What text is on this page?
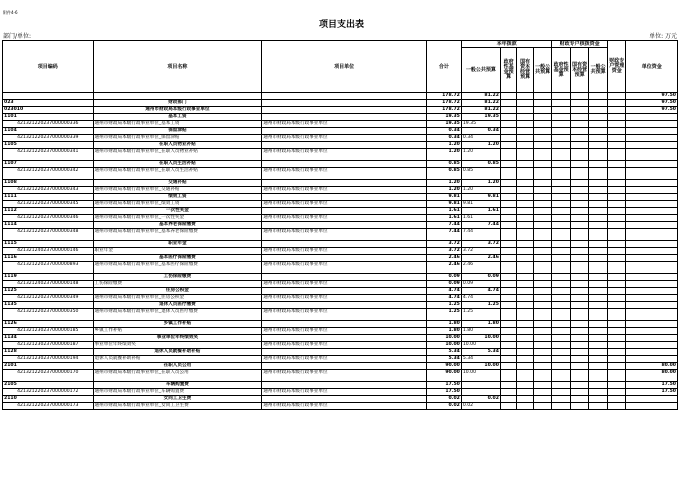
附件4-6
项目支出表
部门/单位:	单位: 万元
项目编码	项目名称	项目单位	合计	本年拨款				财政专户核拨资金			财政专户管理资金	单位资金
				一般公共预算	政府性基金预算	国有资本经营预算	一般公共预算	政府性基金预算	国有资本经营预算	一般公共预算		
			178.72	81.22								97.50
023	财政部门		178.72	81.22								97.50
023010	通州市财政局本级行政事业单位		178.72	81.22								97.50
1101	基本工资		19.35	19.35								
421321220237000000336	通州市财政局本级行政事业单位_基本工资	通州市财政局本级行政事业单位	19.35	19.35								
1104	保留津贴		0.34	0.34								
421321220237000000339	通州市财政局本级行政事业单位_保留津贴	通州市财政局本级行政事业单位	0.34	0.34								
1105	在职人员物业补贴		1.20	1.20								
421321220237000000341	通州市财政局本级行政事业单位_在职人员物业补贴	通州市财政局本级行政事业单位	1.20	1.20								
1107	在职人员生活补贴		0.85	0.85								
421321220237000000342	通州市财政局本级行政事业单位_在职人员生活补贴	通州市财政局本级行政事业单位	0.85	0.85								
1108	交通补贴		1.20	1.20								
421321220237000000343	通州市财政局本级行政事业单位_交通补贴	通州市财政局本级行政事业单位	1.20	1.20								
1111	绩效工资		9.81	9.81								
421321220237000000345	通州市财政局本级行政事业单位_绩效工资	通州市财政局本级行政事业单位	9.81	9.81								
1112	一次性奖金		1.61	1.61								
421321220237000000346	通州市财政局本级行政事业单位_一次性奖金	通州市财政局本级行政事业单位	1.61	1.61								
1114	基本养老保险缴费		7.44	7.44								
421321220237000000348	通州市财政局本级行政事业单位_基本养老保险缴费	通州市财政局本级行政事业单位	7.44	7.44								
1115	职业年金		3.72	3.72								
421321240237000000146	职业年金	通州市财政局本级行政事业单位	3.72	3.72								
1116	基本医疗保险缴费		2.46	2.46								
421321220237000000893	通州市财政局本级行政事业单位_基本医疗保险缴费	通州市财政局本级行政事业单位	2.46	2.46								
1119	工伤保险缴费		0.09	0.09								
421321240237000000148	工伤保险缴费	通州市财政局本级行政事业单位	0.09	0.09								
1125	住房公积金		4.74	4.74								
421321220237000000349	通州市财政局本级行政事业单位_住房公积金	通州市财政局本级行政事业单位	4.74	4.74								
1135	退休人员医疗缴费		1.25	1.25								
421321220237000000350	通州市财政局本级行政事业单位_退休人员医疗缴费	通州市财政局本级行政事业单位	1.25	1.25								
1126	乡镇工作补贴		1.80	1.80								
421321230237000000185	乡镇工作补贴	通州市财政局本级行政事业单位	1.80	1.80								
1134	事业单位年终绩效奖		10.00	10.00								
421321230237000000187	事业单位年终绩效奖	通州市财政局本级行政事业单位	10.00	10.00								
1128	退休人员就餐补助补贴		5.34	5.34								
421321230237000000194	退休人员就餐补助补贴	通州市财政局本级行政事业单位	5.34	5.34								
2101	在职人员公用		90.00	10.00								80.00
421321220237000000170	通州市财政局本级行政事业单位_在职人员公用	通州市财政局本级行政事业单位	90.00	10.00								80.00
2105	车辆购置费		17.50									17.50
421321220237000000172	通州市财政局本级行政事业单位_车辆购置费	通州市财政局本级行政事业单位	17.50									17.50
2110	女同工卫生费		0.02	0.02								
421321220237000000173	通州市财政局本级行政事业单位_女同工卫生费	通州市财政局本级行政事业单位	0.02	0.02								
